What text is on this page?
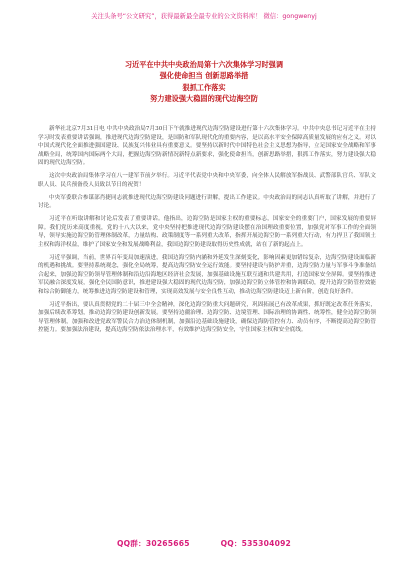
关注头条号“公文研究”，获得最新最全最专业的公文资料库！ 微信：gongwenyj
习近平在中共中央政治局第十六次集体学习时强调
强化使命担当 创新思路举措
狠抓工作落实
努力建设强大稳固的现代边海空防

新华社北京7月31日电 中共中央政治局7月30日下午就推进现代边海空防建设进行第十六次集体学习。中共中央总书记习近平在主持学习时发表重要讲话强调，推进现代边海空防建设，是国防和军队现代化的重要内容，是以高水平安全保障高质量发展的应有之义。对以中国式现代化全面推进强国建设、民族复兴伟业具有重要意义。要坚持以新时代中国特色社会主义思想为指导，立足国家安全战略和军事战略全局，统筹国内国际两个大局，把握边海空防新情况新特点新要求，强化使命担当，创新思路举措，狠抓工作落实，努力建设强大稳固的现代边海空防。

这次中央政治局集体学习在八一建军节前夕举行。习近平代表党中央和中央军委，向全体人民解放军指战员、武警部队官兵、军队文职人员、民兵预备役人员致以节日的祝贺！

中央军委联合参谋部肖捷同志就推进现代边海空防建设问题进行讲解，提出工作建议。中央政治局的同志认真听取了讲解，并进行了讨论。

习近平在听取讲解和讨论后发表了重要讲话。他指出，边海空防是国家主权的重要标志，国家安全的重要门户，国家发展的重要屏障。我们党历来高度重视，党的十八大以来，党中央坚持把推进现代边海空防建设摆在治国理政重要位置，加强党对军事工作的全面领导，领导实施边海空防管理体制改革，力量结构、政策制度等一系列重大改革，指挥开展边海空防一系列重大行动，有力捍卫了我国领土主权和海洋权益，维护了国家安全和发展战略利益，我国边海空防建设取得历史性成就，站在了新的起点上。

习近平强调，当前，世界百年变局加速演进，我国边海空防内涵和外延发生深刻变化，影响因素更加错综复杂，边海空防建设面临新的机遇和挑战。要坚持系统观念，强化全局统筹，提高边海空防安全运行效能。要坚持建设与防护并重，边海空防力量与军事斗争准备结合起来，加强边海空防领导管理体制和沿边沿海地区经济社会发展，加强基础设施互联互通和共建共用，打造国家安全屏障。要坚持推进军民融合深度发展，强化全民国防意识，推进建设强大稳固的现代边海空防，加强边海空防立体管控和协调联动，提升边海空防管控效能和综合防御能力，统筹推进边海空防建设和管理，实现高效发展与安全良性互动，推动边海空防建设迈上新台阶，创造良好条件。

习近平指出，要认真贯彻党的二十届三中全会精神，深化边海空防重大问题研究，巩固拓展已有改革成果，抓好既定改革任务落实，加强后续改革筹划，推动边海空防建设创新发展。要坚持边疆治理、边海空防、边境管理、国际治理的协调性、统筹性，健全边海空防领导管理体制，加强和改进党政军警民合力治边体制机制，加强沿边基础设施建设，确保边海防管控有力、动员有序，不断提高边海空防管控能力。要加强法治建设，提高边海空防依法治理水平，有效维护边海空防安全，守住国家主权和安全底线。

QQ群：30265665	QQ：535304092
